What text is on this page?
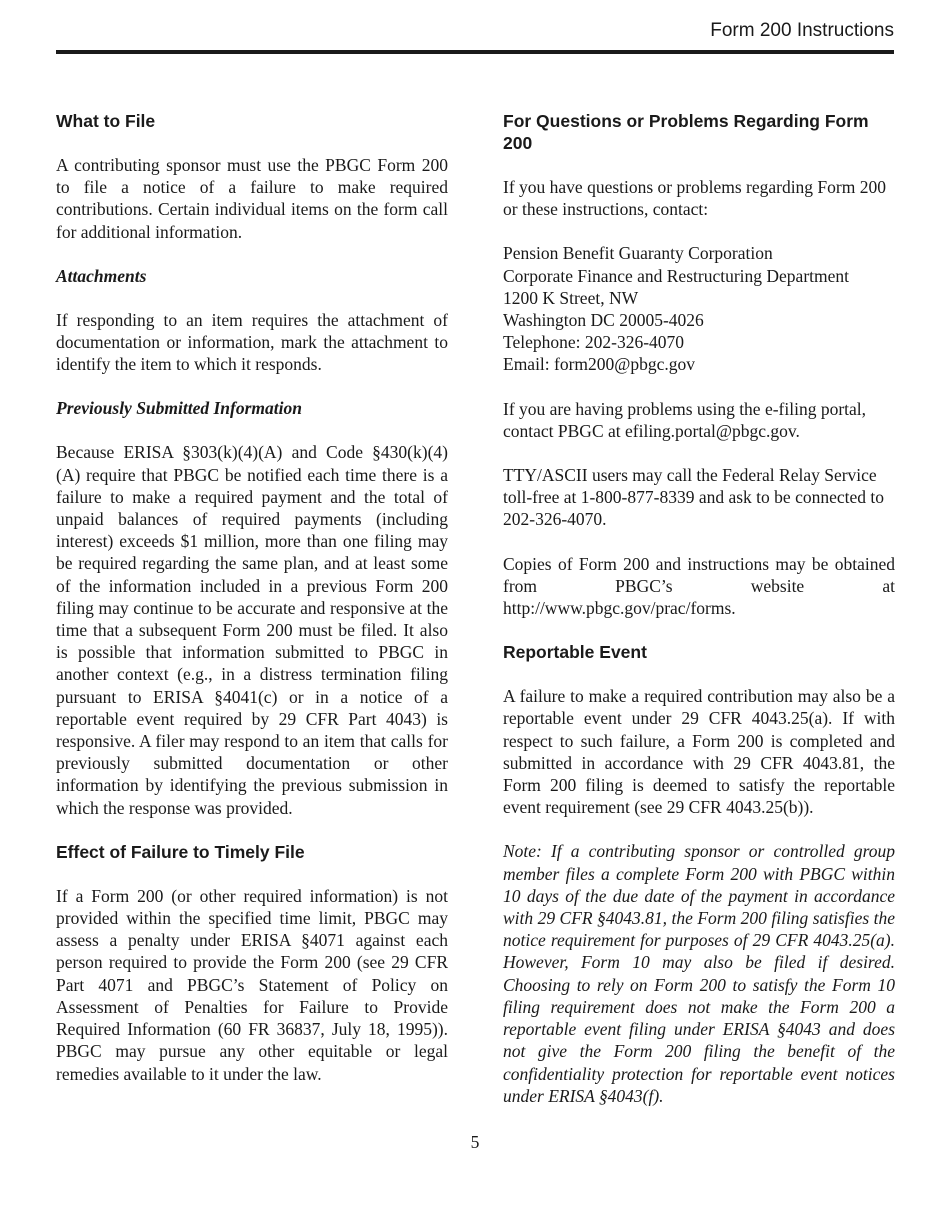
Form 200 Instructions
What to File

A contributing sponsor must use the PBGC Form 200 to file a notice of a failure to make required contributions. Certain individual items on the form call for additional information.

Attachments

If responding to an item requires the attachment of documentation or information, mark the attachment to identify the item to which it responds.

Previously Submitted Information

Because ERISA §303(k)(4)(A) and Code §430(k)(4)(A) require that PBGC be notified each time there is a failure to make a required payment and the total of unpaid balances of required payments (including interest) exceeds $1 million, more than one filing may be required regarding the same plan, and at least some of the information included in a previous Form 200 filing may continue to be accurate and responsive at the time that a subsequent Form 200 must be filed. It also is possible that information submitted to PBGC in another context (e.g., in a distress termination filing pursuant to ERISA §4041(c) or in a notice of a reportable event required by 29 CFR Part 4043) is responsive. A filer may respond to an item that calls for previously submitted documentation or other information by identifying the previous submission in which the response was provided.

Effect of Failure to Timely File

If a Form 200 (or other required information) is not provided within the specified time limit, PBGC may assess a penalty under ERISA §4071 against each person required to provide the Form 200 (see 29 CFR Part 4071 and PBGC’s Statement of Policy on Assessment of Penalties for Failure to Provide Required Information (60 FR 36837, July 18, 1995)). PBGC may pursue any other equitable or legal remedies available to it under the law.

For Questions or Problems Regarding Form 200

If you have questions or problems regarding Form 200 or these instructions, contact:

Pension Benefit Guaranty Corporation
Corporate Finance and Restructuring Department
1200 K Street, NW
Washington DC 20005-4026
Telephone: 202-326-4070
Email: form200@pbgc.gov

If you are having problems using the e-filing portal, contact PBGC at efiling.portal@pbgc.gov.

TTY/ASCII users may call the Federal Relay Service toll-free at 1-800-877-8339 and ask to be connected to 202-326-4070.

Copies of Form 200 and instructions may be obtained from PBGC’s website at http://www.pbgc.gov/prac/forms.

Reportable Event

A failure to make a required contribution may also be a reportable event under 29 CFR 4043.25(a). If with respect to such failure, a Form 200 is completed and submitted in accordance with 29 CFR 4043.81, the Form 200 filing is deemed to satisfy the reportable event requirement (see 29 CFR 4043.25(b)).

Note: If a contributing sponsor or controlled group member files a complete Form 200 with PBGC within 10 days of the due date of the payment in accordance with 29 CFR §4043.81, the Form 200 filing satisfies the notice requirement for purposes of 29 CFR 4043.25(a). However, Form 10 may also be filed if desired. Choosing to rely on Form 200 to satisfy the Form 10 filing requirement does not make the Form 200 a reportable event filing under ERISA §4043 and does not give the Form 200 filing the benefit of the confidentiality protection for reportable event notices under ERISA §4043(f).

5
